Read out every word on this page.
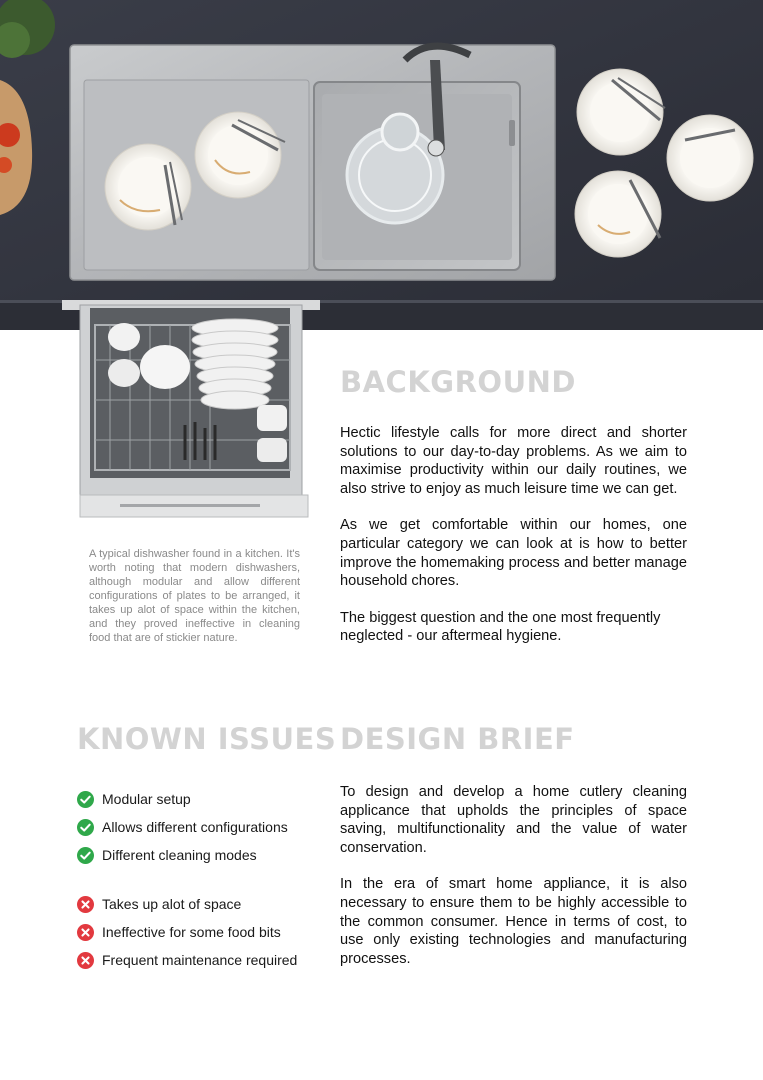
A typical dishwasher found in a kitchen. It's worth noting that modern dishwashers, although modular and allow different configurations of plates to be arranged, it takes up alot of space within the kitchen, and they proved ineffective in cleaning food that are of stickier nature.
BACKGROUND

Hectic lifestyle calls for more direct and shorter solutions to our day-to-day problems. As we aim to maximise productivity within our daily routines, we also strive to enjoy as much leisure time we can get.

As we get comfortable within our homes, one particular category we can look at is how to better improve the homemaking process and better manage household chores.

The biggest question and the one most frequently neglected - our aftermeal hygiene.

KNOWN ISSUES
Modular setup
Allows different configurations
Different cleaning modes
Takes up alot of space
Ineffective for some food bits
Frequent maintenance required
DESIGN BRIEF

To design and develop a home cutlery cleaning applicance that upholds the principles of space saving, multifunctionality and the value of water conservation.

In the era of smart home appliance, it is also necessary to ensure them to be highly accessible to the common consumer. Hence in terms of cost, to use only existing technologies and manufacturing processes.
